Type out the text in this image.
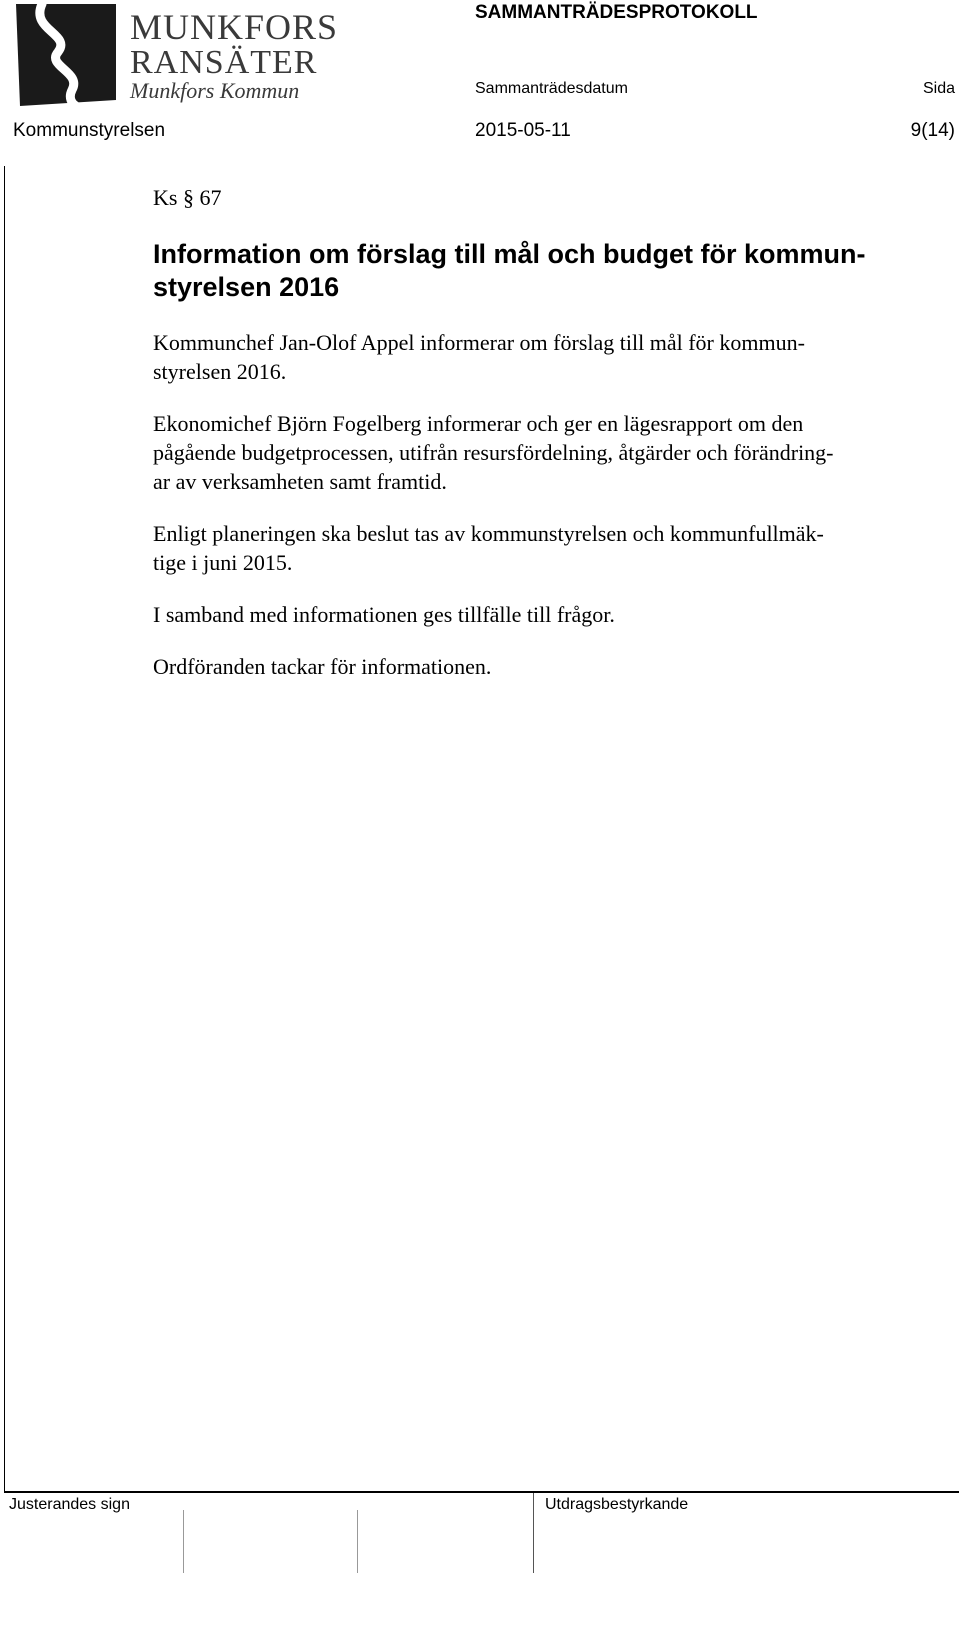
MUNKFORS
RANSÄTER
Munkfors Kommun
SAMMANTRÄDESPROTOKOLL
Sammanträdesdatum	Sida
Kommunstyrelsen	2015-05-11	9(14)
Ks § 67
Information om förslag till mål och budget för kommun-
styrelsen 2016
Kommunchef Jan-Olof Appel informerar om förslag till mål för kommun-
styrelsen 2016.
Ekonomichef Björn Fogelberg informerar och ger en lägesrapport om den
pågående budgetprocessen, utifrån resursfördelning, åtgärder och förändring-
ar av verksamheten samt framtid.
Enligt planeringen ska beslut tas av kommunstyrelsen och kommunfullmäk-
tige i juni 2015.
I samband med informationen ges tillfälle till frågor.
Ordföranden tackar för informationen.
Justerandes sign	Utdragsbestyrkande
